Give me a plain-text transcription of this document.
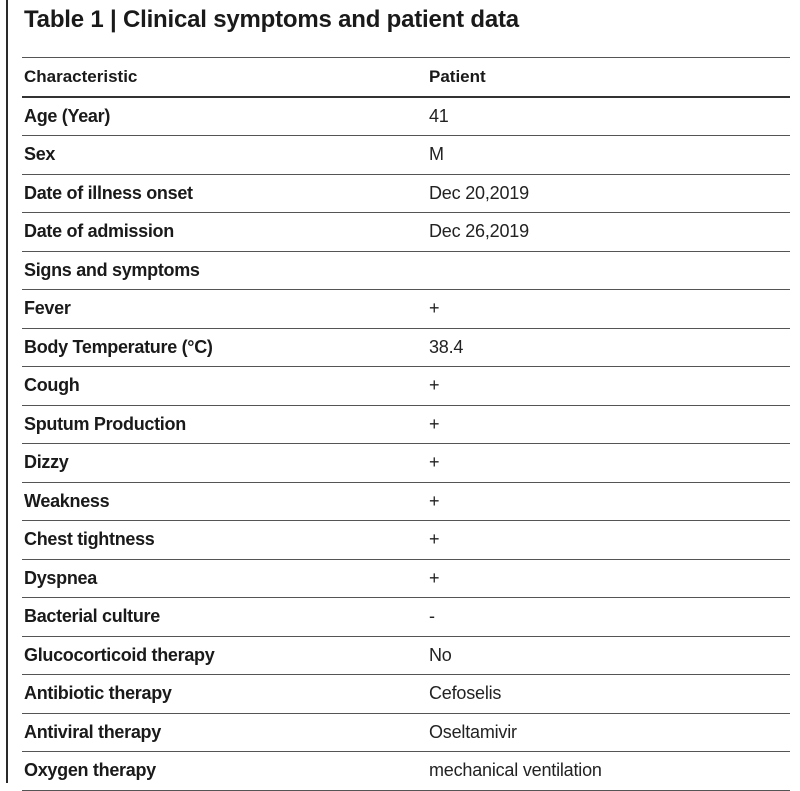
Table 1 | Clinical symptoms and patient data
Characteristic	Patient
Age (Year)	41
Sex	M
Date of illness onset	Dec 20,2019
Date of admission	Dec 26,2019
Signs and symptoms	
Fever	+
Body Temperature (°C)	38.4
Cough	+
Sputum Production	+
Dizzy	+
Weakness	+
Chest tightness	+
Dyspnea	+
Bacterial culture	-
Glucocorticoid therapy	No
Antibiotic therapy	Cefoselis
Antiviral therapy	Oseltamivir
Oxygen therapy	mechanical ventilation
